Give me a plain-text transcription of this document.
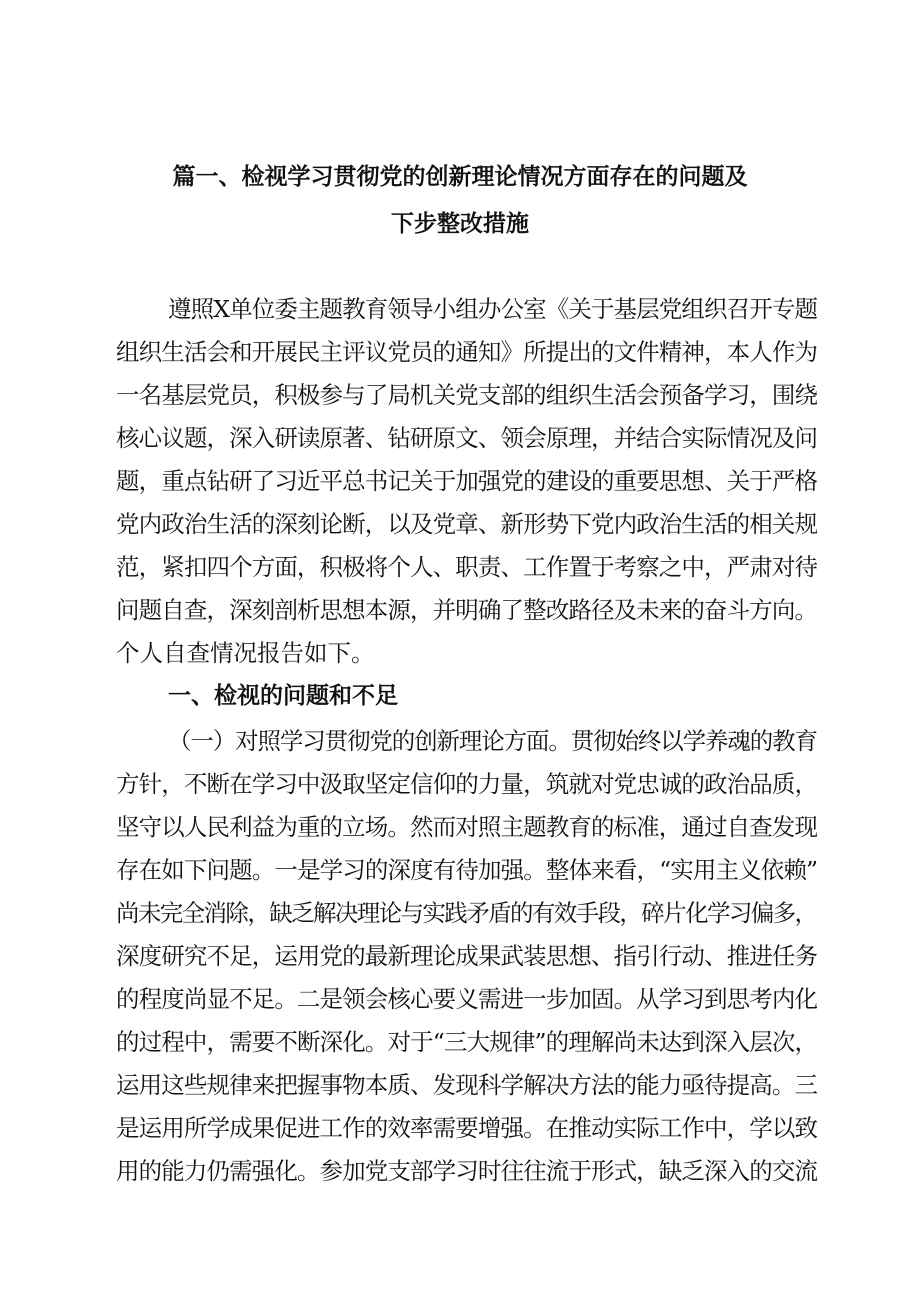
篇一、检视学习贯彻党的创新理论情况方面存在的问题及
下步整改措施
遵照X单位委主题教育领导小组办公室《关于基层党组织召开专题
组织生活会和开展民主评议党员的通知》所提出的文件精神，本人作为
一名基层党员，积极参与了局机关党支部的组织生活会预备学习，围绕
核心议题，深入研读原著、钻研原文、领会原理，并结合实际情况及问
题，重点钻研了习近平总书记关于加强党的建设的重要思想、关于严格
党内政治生活的深刻论断，以及党章、新形势下党内政治生活的相关规
范，紧扣四个方面，积极将个人、职责、工作置于考察之中，严肃对待
问题自查，深刻剖析思想本源，并明确了整改路径及未来的奋斗方向。
个人自查情况报告如下。
一、检视的问题和不足
（一）对照学习贯彻党的创新理论方面。贯彻始终以学养魂的教育
方针，不断在学习中汲取坚定信仰的力量，筑就对党忠诚的政治品质，
坚守以人民利益为重的立场。然而对照主题教育的标准，通过自查发现
存在如下问题。一是学习的深度有待加强。整体来看，“实用主义依赖”
尚未完全消除，缺乏解决理论与实践矛盾的有效手段，碎片化学习偏多，
深度研究不足，运用党的最新理论成果武装思想、指引行动、推进任务
的程度尚显不足。二是领会核心要义需进一步加固。从学习到思考内化
的过程中，需要不断深化。对于“三大规律”的理解尚未达到深入层次，
运用这些规律来把握事物本质、发现科学解决方法的能力亟待提高。三
是运用所学成果促进工作的效率需要增强。在推动实际工作中，学以致
用的能力仍需强化。参加党支部学习时往往流于形式，缺乏深入的交流
